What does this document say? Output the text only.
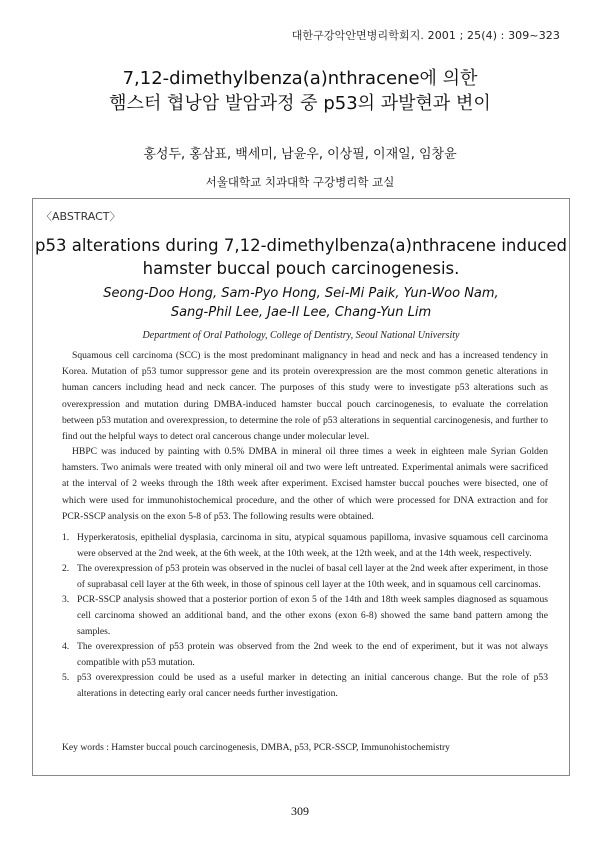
대한구강악안면병리학회지. 2001 ; 25(4) : 309~323
7,12-dimethylbenza(a)nthracene에 의한
햄스터 협낭암 발암과정 중 p53의 과발현과 변이
홍성두, 홍삼표, 백세미, 남윤우, 이상필, 이재일, 임창윤
서울대학교 치과대학 구강병리학 교실
〈ABSTRACT〉
p53 alterations during 7,12-dimethylbenza(a)nthracene induced
hamster buccal pouch carcinogenesis.
Seong-Doo Hong, Sam-Pyo Hong, Sei-Mi Paik, Yun-Woo Nam,
Sang-Phil Lee, Jae-Il Lee, Chang-Yun Lim
Department of Oral Pathology, College of Dentistry, Seoul National University
Squamous cell carcinoma (SCC) is the most predominant malignancy in head and neck and has a increased tendency in Korea. Mutation of p53 tumor suppressor gene and its protein overexpression are the most common genetic alterations in human cancers including head and neck cancer. The purposes of this study were to investigate p53 alterations such as overexpression and mutation during DMBA-induced hamster buccal pouch carcinogenesis, to evaluate the correlation between p53 mutation and overexpression, to determine the role of p53 alterations in sequential carcinogenesis, and further to find out the helpful ways to detect oral cancerous change under molecular level.
HBPC was induced by painting with 0.5% DMBA in mineral oil three times a week in eighteen male Syrian Golden hamsters. Two animals were treated with only mineral oil and two were left untreated. Experimental animals were sacrificed at the interval of 2 weeks through the 18th week after experiment. Excised hamster buccal pouches were bisected, one of which were used for immunohistochemical procedure, and the other of which were processed for DNA extraction and for PCR-SSCP analysis on the exon 5-8 of p53. The following results were obtained.
1. Hyperkeratosis, epithelial dysplasia, carcinoma in situ, atypical squamous papilloma, invasive squamous cell carcinoma were observed at the 2nd week, at the 6th week, at the 10th week, at the 12th week, and at the 14th week, respectively.
2. The overexpression of p53 protein was observed in the nuclei of basal cell layer at the 2nd week after experiment, in those of suprabasal cell layer at the 6th week, in those of spinous cell layer at the 10th week, and in squamous cell carcinomas.
3. PCR-SSCP analysis showed that a posterior portion of exon 5 of the 14th and 18th week samples diagnosed as squamous cell carcinoma showed an additional band, and the other exons (exon 6-8) showed the same band pattern among the samples.
4. The overexpression of p53 protein was observed from the 2nd week to the end of experiment, but it was not always compatible with p53 mutation.
5. p53 overexpression could be used as a useful marker in detecting an initial cancerous change. But the role of p53 alterations in detecting early oral cancer needs further investigation.
Key words : Hamster buccal pouch carcinogenesis, DMBA, p53, PCR-SSCP, Immunohistochemistry
309
